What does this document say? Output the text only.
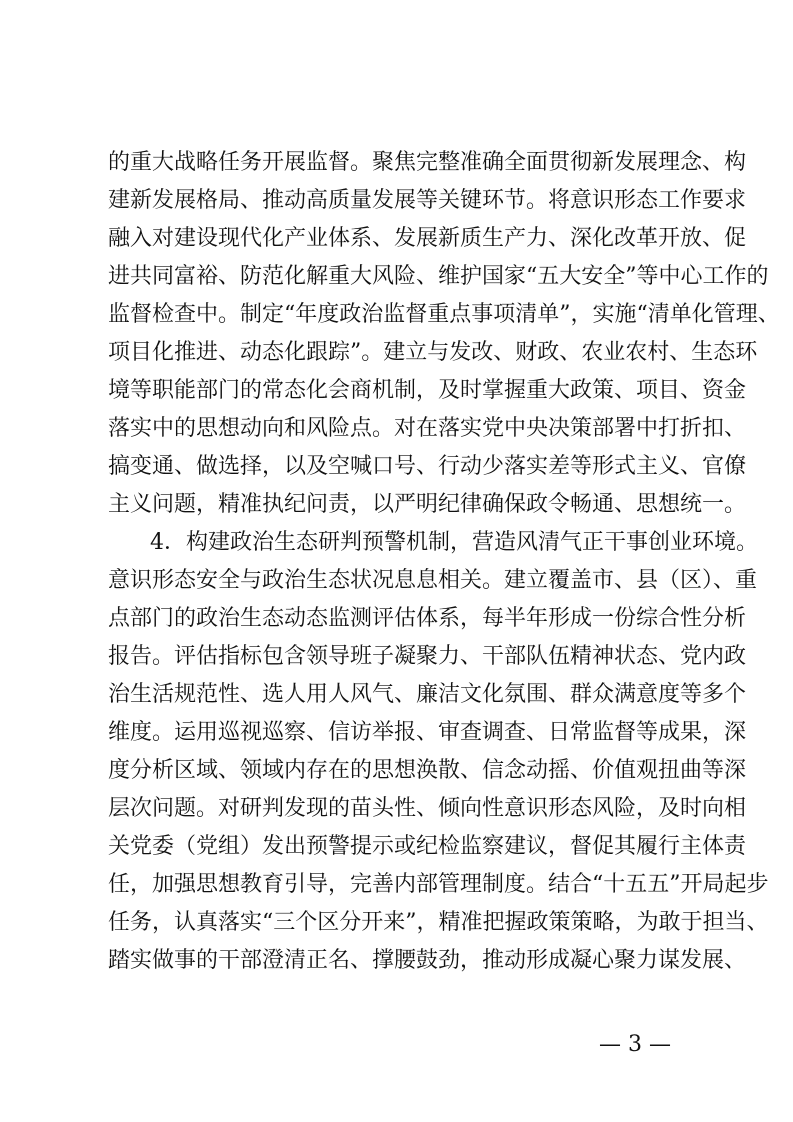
的重大战略任务开展监督。聚焦完整准确全面贯彻新发展理念、构
建新发展格局、推动高质量发展等关键环节。将意识形态工作要求
融入对建设现代化产业体系、发展新质生产力、深化改革开放、促
进共同富裕、防范化解重大风险、维护国家“五大安全”等中心工作的
监督检查中。制定“年度政治监督重点事项清单”，实施“清单化管理、
项目化推进、动态化跟踪”。建立与发改、财政、农业农村、生态环
境等职能部门的常态化会商机制，及时掌握重大政策、项目、资金
落实中的思想动向和风险点。对在落实党中央决策部署中打折扣、
搞变通、做选择，以及空喊口号、行动少落实差等形式主义、官僚
主义问题，精准执纪问责，以严明纪律确保政令畅通、思想统一。
4．构建政治生态研判预警机制，营造风清气正干事创业环境。
意识形态安全与政治生态状况息息相关。建立覆盖市、县（区）、重
点部门的政治生态动态监测评估体系，每半年形成一份综合性分析
报告。评估指标包含领导班子凝聚力、干部队伍精神状态、党内政
治生活规范性、选人用人风气、廉洁文化氛围、群众满意度等多个
维度。运用巡视巡察、信访举报、审查调查、日常监督等成果，深
度分析区域、领域内存在的思想涣散、信念动摇、价值观扭曲等深
层次问题。对研判发现的苗头性、倾向性意识形态风险，及时向相
关党委（党组）发出预警提示或纪检监察建议，督促其履行主体责
任，加强思想教育引导，完善内部管理制度。结合“十五五”开局起步
任务，认真落实“三个区分开来”，精准把握政策策略，为敢于担当、
踏实做事的干部澄清正名、撑腰鼓劲，推动形成凝心聚力谋发展、
— 3 —
